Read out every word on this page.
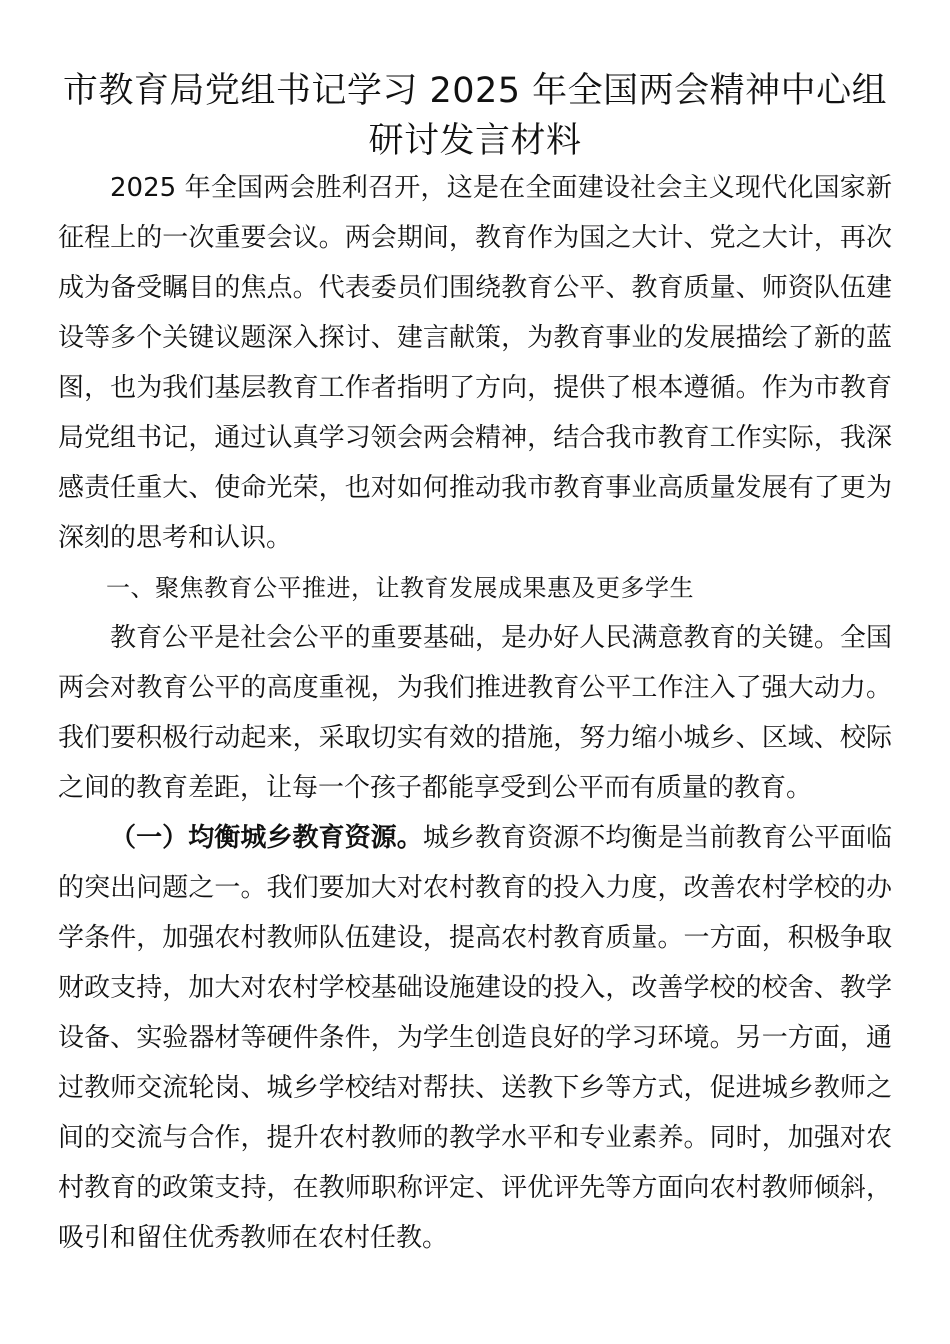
市教育局党组书记学习 2025 年全国两会精神中心组研讨发言材料

2025 年全国两会胜利召开，这是在全面建设社会主义现代化国家新征程上的一次重要会议。两会期间，教育作为国之大计、党之大计，再次成为备受瞩目的焦点。代表委员们围绕教育公平、教育质量、师资队伍建设等多个关键议题深入探讨、建言献策，为教育事业的发展描绘了新的蓝图，也为我们基层教育工作者指明了方向，提供了根本遵循。作为市教育局党组书记，通过认真学习领会两会精神，结合我市教育工作实际，我深感责任重大、使命光荣，也对如何推动我市教育事业高质量发展有了更为深刻的思考和认识。

一、聚焦教育公平推进，让教育发展成果惠及更多学生

教育公平是社会公平的重要基础，是办好人民满意教育的关键。全国两会对教育公平的高度重视，为我们推进教育公平工作注入了强大动力。我们要积极行动起来，采取切实有效的措施，努力缩小城乡、区域、校际之间的教育差距，让每一个孩子都能享受到公平而有质量的教育。

（一）均衡城乡教育资源。城乡教育资源不均衡是当前教育公平面临的突出问题之一。我们要加大对农村教育的投入力度，改善农村学校的办学条件，加强农村教师队伍建设，提高农村教育质量。一方面，积极争取财政支持，加大对农村学校基础设施建设的投入，改善学校的校舍、教学设备、实验器材等硬件条件，为学生创造良好的学习环境。另一方面，通过教师交流轮岗、城乡学校结对帮扶、送教下乡等方式，促进城乡教师之间的交流与合作，提升农村教师的教学水平和专业素养。同时，加强对农村教育的政策支持，在教师职称评定、评优评先等方面向农村教师倾斜，吸引和留住优秀教师在农村任教。
